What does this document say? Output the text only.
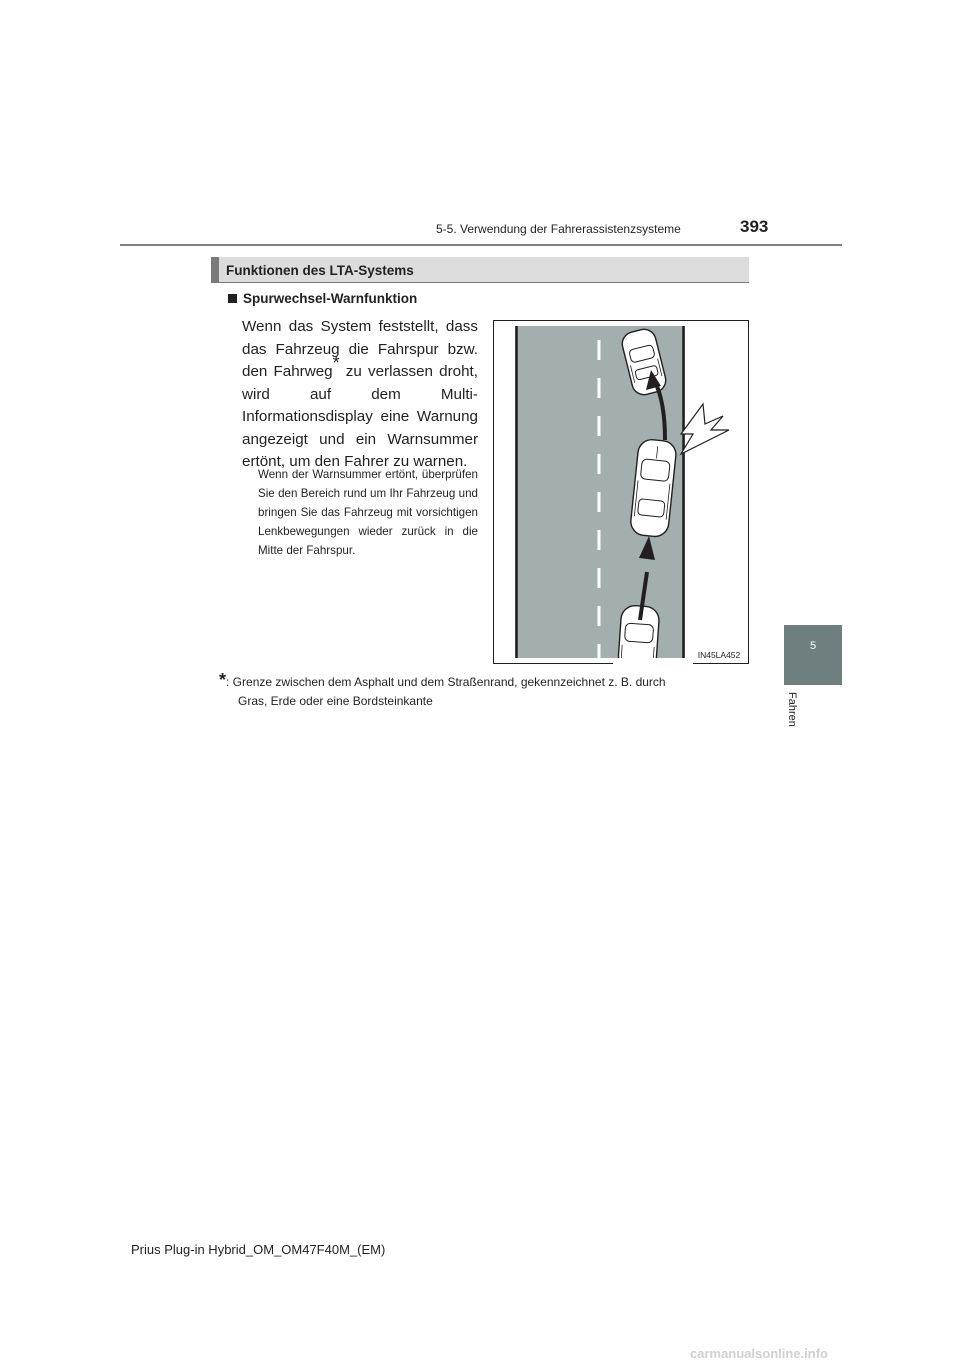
5-5. Verwendung der Fahrerassistenzsysteme	393
5
Fahren
Funktionen des LTA-Systems
Spurwechsel-Warnfunktion
Wenn das System feststellt, dass das Fahrzeug die Fahrspur bzw. den Fahrweg* zu verlassen droht, wird auf dem Multi-Informationsdisplay eine Warnung angezeigt und ein Warnsummer ertönt, um den Fahrer zu warnen.
Wenn der Warnsummer ertönt, überprüfen Sie den Bereich rund um Ihr Fahrzeug und bringen Sie das Fahrzeug mit vorsichtigen Lenkbewegungen wieder zurück in die Mitte der Fahrspur.
IN45LA452
*: Grenze zwischen dem Asphalt und dem Straßenrand, gekennzeichnet z. B. durch
Gras, Erde oder eine Bordsteinkante
Prius Plug-in Hybrid_OM_OM47F40M_(EM)
carmanualsonline.info
